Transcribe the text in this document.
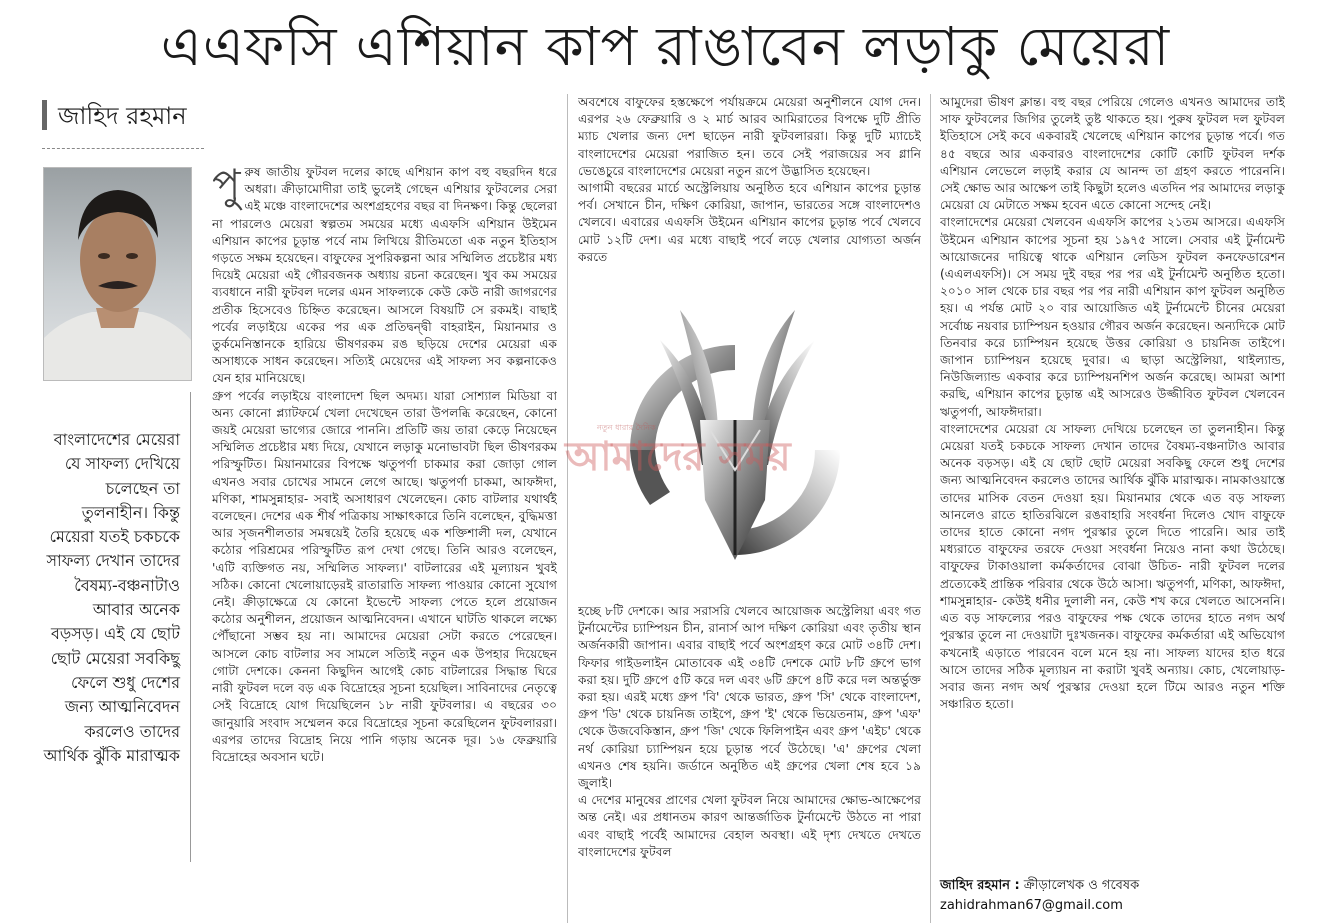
এএফসি এশিয়ান কাপ রাঙাবেন লড়াকু মেয়েরা
জাহিদ রহমান
বাংলাদেশের মেয়েরা যে সাফল্য দেখিয়ে চলেছেন তা তুলনাহীন। কিন্তু মেয়েরা যতই চকচকে সাফল্য দেখান তাদের বৈষম্য-বঞ্চনাটাও আবার অনেক বড়সড়। এই যে ছোট ছোট মেয়েরা সবকিছু ফেলে শুধু দেশের জন্য আত্মনিবেদন করলেও তাদের আর্থিক ঝুঁকি মারাত্মক

পুরুষ জাতীয় ফুটবল দলের কাছে এশিয়ান কাপ বহু বছরদিন ধরে অধরা। ক্রীড়ামোদীরা তাই ভুলেই গেছেন এশিয়ার ফুটবলের সেরা এই মঞ্চে বাংলাদেশের অংশগ্রহণের বছর বা দিনক্ষণ। কিন্তু ছেলেরা না পারলেও মেয়েরা স্বল্পতম সময়ের মধ্যে এএফসি এশিয়ান উইমেন এশিয়ান কাপের চূড়ান্ত পর্বে নাম লিখিয়ে রীতিমতো এক নতুন ইতিহাস গড়তে সক্ষম হয়েছেন। বাফুফের সুপরিকল্পনা আর সম্মিলিত প্রচেষ্টার মধ্য দিয়েই মেয়েরা এই গৌরবজনক অধ্যায় রচনা করেছেন। খুব কম সময়ের ব্যবধানে নারী ফুটবল দলের এমন সাফল্যকে কেউ কেউ নারী জাগরণের প্রতীক হিসেবেও চিহ্নিত করেছেন। আসলে বিষয়টি সে রকমই। বাছাই পর্বের লড়াইয়ে একের পর এক প্রতিদ্বন্দ্বী বাহরাইন, মিয়ানমার ও তুর্কমেনিস্তানকে হারিয়ে ভীষণরকম রঙ ছড়িয়ে দেশের মেয়েরা এক অসাধ্যকে সাধন করেছেন। সত্যিই মেয়েদের এই সাফল্য সব কল্পনাকেও যেন হার মানিয়েছে।

গ্রুপ পর্বের লড়াইয়ে বাংলাদেশ ছিল অদম্য। যারা সোশ্যাল মিডিয়া বা অন্য কোনো প্ল্যাটফর্মে খেলা দেখেছেন তারা উপলব্ধি করেছেন, কোনো জয়ই মেয়েরা ভাগ্যের জোরে পাননি। প্রতিটি জয় তারা কেড়ে নিয়েছেন সম্মিলিত প্রচেষ্টার মধ্য দিয়ে, যেখানে লড়াকু মনোভাবটা ছিল ভীষণরকম পরিস্ফুটিত। মিয়ানমারের বিপক্ষে ঋতুপর্ণা চাকমার করা জোড়া গোল এখনও সবার চোখের সামনে লেগে আছে। ঋতুপর্ণা চাকমা, আফঈদা, মণিকা, শামসুন্নাহার- সবাই অসাধারণ খেলেছেন। কোচ বাটলার যথার্থই বলেছেন। দেশের এক শীর্ষ পত্রিকায় সাক্ষাৎকারে তিনি বলেছেন, বুদ্ধিমত্তা আর সৃজনশীলতার সমন্বয়েই তৈরি হয়েছে এক শক্তিশালী দল, যেখানে কঠোর পরিশ্রমের পরিস্ফুটিত রূপ দেখা গেছে। তিনি আরও বলেছেন, 'এটি ব্যক্তিগত নয়, সম্মিলিত সাফল্য।' বাটলারের এই মূল্যায়ন খুবই সঠিক। কোনো খেলোয়াড়েরই রাতারাতি সাফল্য পাওয়ার কোনো সুযোগ নেই। ক্রীড়াক্ষেত্রে যে কোনো ইভেন্টে সাফল্য পেতে হলে প্রয়োজন কঠোর অনুশীলন, প্রয়োজন আত্মনিবেদন। এখানে ঘাটতি থাকলে লক্ষ্যে পৌঁছানো সম্ভব হয় না। আমাদের মেয়েরা সেটা করতে পেরেছেন। আসলে কোচ বাটলার সব সামলে সত্যিই নতুন এক উপহার দিয়েছেন গোটা দেশকে। কেননা কিছুদিন আগেই কোচ বাটলারের সিদ্ধান্ত ঘিরে নারী ফুটবল দলে বড় এক বিদ্রোহের সূচনা হয়েছিল। সাবিনাদের নেতৃত্বে সেই বিদ্রোহে যোগ দিয়েছিলেন ১৮ নারী ফুটবলার। এ বছরের ৩০ জানুয়ারি সংবাদ সম্মেলন করে বিদ্রোহের সূচনা করেছিলেন ফুটবলাররা। এরপর তাদের বিদ্রোহ নিয়ে পানি গড়ায় অনেক দূর। ১৬ ফেব্রুয়ারি বিদ্রোহের অবসান ঘটে।

অবশেষে বাফুফের হস্তক্ষেপে পর্যায়ক্রমে মেয়েরা অনুশীলনে যোগ দেন। এরপর ২৬ ফেব্রুয়ারি ও ২ মার্চ আরব আমিরাতের বিপক্ষে দুটি প্রীতি ম্যাচ খেলার জন্য দেশ ছাড়েন নারী ফুটবলাররা। কিন্তু দুটি ম্যাচেই বাংলাদেশের মেয়েরা পরাজিত হন। তবে সেই পরাজয়ের সব গ্লানি ভেঙেচুরে বাংলাদেশের মেয়েরা নতুন রূপে উদ্ভাসিত হয়েছেন।

আগামী বছরের মার্চে অস্ট্রেলিয়ায় অনুষ্ঠিত হবে এশিয়ান কাপের চূড়ান্ত পর্ব। সেখানে চীন, দক্ষিণ কোরিয়া, জাপান, ভারতের সঙ্গে বাংলাদেশও খেলবে। এবারের এএফসি উইমেন এশিয়ান কাপের চূড়ান্ত পর্বে খেলবে মোট ১২টি দেশ। এর মধ্যে বাছাই পর্বে লড়ে খেলার যোগ্যতা অর্জন করতে

নতুন ধারার দৈনিক
আমাদের সময়

হচ্ছে ৮টি দেশকে। আর সরাসরি খেলবে আয়োজক অস্ট্রেলিয়া এবং গত টুর্নামেন্টের চ্যাম্পিয়ন চীন, রানার্স আপ দক্ষিণ কোরিয়া এবং তৃতীয় স্থান অর্জনকারী জাপান। এবার বাছাই পর্বে অংশগ্রহণ করে মোট ৩৪টি দেশ। ফিফার গাইডলাইন মোতাবেক এই ৩৪টি দেশকে মোট ৮টি গ্রুপে ভাগ করা হয়। দুটি গ্রুপে ৫টি করে দল এবং ৬টি গ্রুপে ৪টি করে দল অন্তর্ভুক্ত করা হয়। এরই মধ্যে গ্রুপ 'বি' থেকে ভারত, গ্রুপ 'সি' থেকে বাংলাদেশ, গ্রুপ 'ডি' থেকে চায়নিজ তাইপে, গ্রুপ 'ই' থেকে ভিয়েতনাম, গ্রুপ 'এফ' থেকে উজবেকিস্তান, গ্রুপ 'জি' থেকে ফিলিপাইন এবং গ্রুপ 'এইচ' থেকে নর্থ কোরিয়া চ্যাম্পিয়ন হয়ে চূড়ান্ত পর্বে উঠেছে। 'এ' গ্রুপের খেলা এখনও শেষ হয়নি। জর্ডানে অনুষ্ঠিত এই গ্রুপের খেলা শেষ হবে ১৯ জুলাই।

এ দেশের মানুষের প্রাণের খেলা ফুটবল নিয়ে আমাদের ক্ষোভ-আক্ষেপের অন্ত নেই। এর প্রধানতম কারণ আন্তর্জাতিক টুর্নামেন্টে উঠতে না পারা এবং বাছাই পর্বেই আমাদের বেহাল অবস্থা। এই দৃশ্য দেখতে দেখতে বাংলাদেশের ফুটবল

আমুদেরা ভীষণ ক্লান্ত। বহু বছর পেরিয়ে গেলেও এখনও আমাদের তাই সাফ ফুটবলের জিগির তুলেই তুষ্ট থাকতে হয়। পুরুষ ফুটবল দল ফুটবল ইতিহাসে সেই কবে একবারই খেলেছে এশিয়ান কাপের চূড়ান্ত পর্বে। গত ৪৫ বছরে আর একবারও বাংলাদেশের কোটি কোটি ফুটবল দর্শক এশিয়ান লেভেলে লড়াই করার যে আনন্দ তা গ্রহণ করতে পারেননি। সেই ক্ষোভ আর আক্ষেপ তাই কিছুটা হলেও এতদিন পর আমাদের লড়াকু মেয়েরা যে মেটাতে সক্ষম হবেন এতে কোনো সন্দেহ নেই।

বাংলাদেশের মেয়েরা খেলবেন এএফসি কাপের ২১তম আসরে। এএফসি উইমেন এশিয়ান কাপের সূচনা হয় ১৯৭৫ সালে। সেবার এই টুর্নামেন্ট আয়োজনের দায়িত্বে থাকে এশিয়ান লেডিস ফুটবল কনফেডারেশন (এএলএফসি)। সে সময় দুই বছর পর পর এই টুর্নামেন্ট অনুষ্ঠিত হতো। ২০১০ সাল থেকে চার বছর পর পর নারী এশিয়ান কাপ ফুটবল অনুষ্ঠিত হয়। এ পর্যন্ত মোট ২০ বার আয়োজিত এই টুর্নামেন্টে চীনের মেয়েরা সর্বোচ্চ নয়বার চ্যাম্পিয়ন হওয়ার গৌরব অর্জন করেছেন। অন্যদিকে মোট তিনবার করে চ্যাম্পিয়ন হয়েছে উত্তর কোরিয়া ও চায়নিজ তাইপে। জাপান চ্যাম্পিয়ন হয়েছে দুবার। এ ছাড়া অস্ট্রেলিয়া, থাইল্যান্ড, নিউজিল্যান্ড একবার করে চ্যাম্পিয়নশিপ অর্জন করেছে। আমরা আশা করছি, এশিয়ান কাপের চূড়ান্ত এই আসরেও উজ্জীবিত ফুটবল খেলবেন ঋতুপর্ণা, আফঈদারা।

বাংলাদেশের মেয়েরা যে সাফল্য দেখিয়ে চলেছেন তা তুলনাহীন। কিন্তু মেয়েরা যতই চকচকে সাফল্য দেখান তাদের বৈষম্য-বঞ্চনাটাও আবার অনেক বড়সড়। এই যে ছোট ছোট মেয়েরা সবকিছু ফেলে শুধু দেশের জন্য আত্মনিবেদন করলেও তাদের আর্থিক ঝুঁকি মারাত্মক। নামকাওয়াস্তে তাদের মাসিক বেতন দেওয়া হয়। মিয়ানমার থেকে এত বড় সাফল্য আনলেও রাতে হাতিরঝিলে রঙবাহারি সংবর্ধনা দিলেও খোদ বাফুফে তাদের হাতে কোনো নগদ পুরস্কার তুলে দিতে পারেনি। আর তাই মধ্যরাতে বাফুফের তরফে দেওয়া সংবর্ধনা নিয়েও নানা কথা উঠেছে। বাফুফের টাকাওয়ালা কর্মকর্তাদের বোঝা উচিত- নারী ফুটবল দলের প্রত্যেকেই প্রান্তিক পরিবার থেকে উঠে আসা। ঋতুপর্ণা, মণিকা, আফঈদা, শামসুন্নাহার- কেউই ধনীর দুলালী নন, কেউ শখ করে খেলতে আসেননি। এত বড় সাফল্যের পরও বাফুফের পক্ষ থেকে তাদের হাতে নগদ অর্থ পুরস্কার তুলে না দেওয়াটা দুঃখজনক। বাফুফের কর্মকর্তারা এই অভিযোগ কখনোই এড়াতে পারবেন বলে মনে হয় না। সাফল্য যাদের হাত ধরে আসে তাদের সঠিক মূল্যায়ন না করাটা খুবই অন্যায়। কোচ, খেলোয়াড়- সবার জন্য নগদ অর্থ পুরস্কার দেওয়া হলে টিমে আরও নতুন শক্তি সঞ্চারিত হতো।

জাহিদ রহমান : ক্রীড়ালেখক ও গবেষক
zahidrahman67@gmail.com
